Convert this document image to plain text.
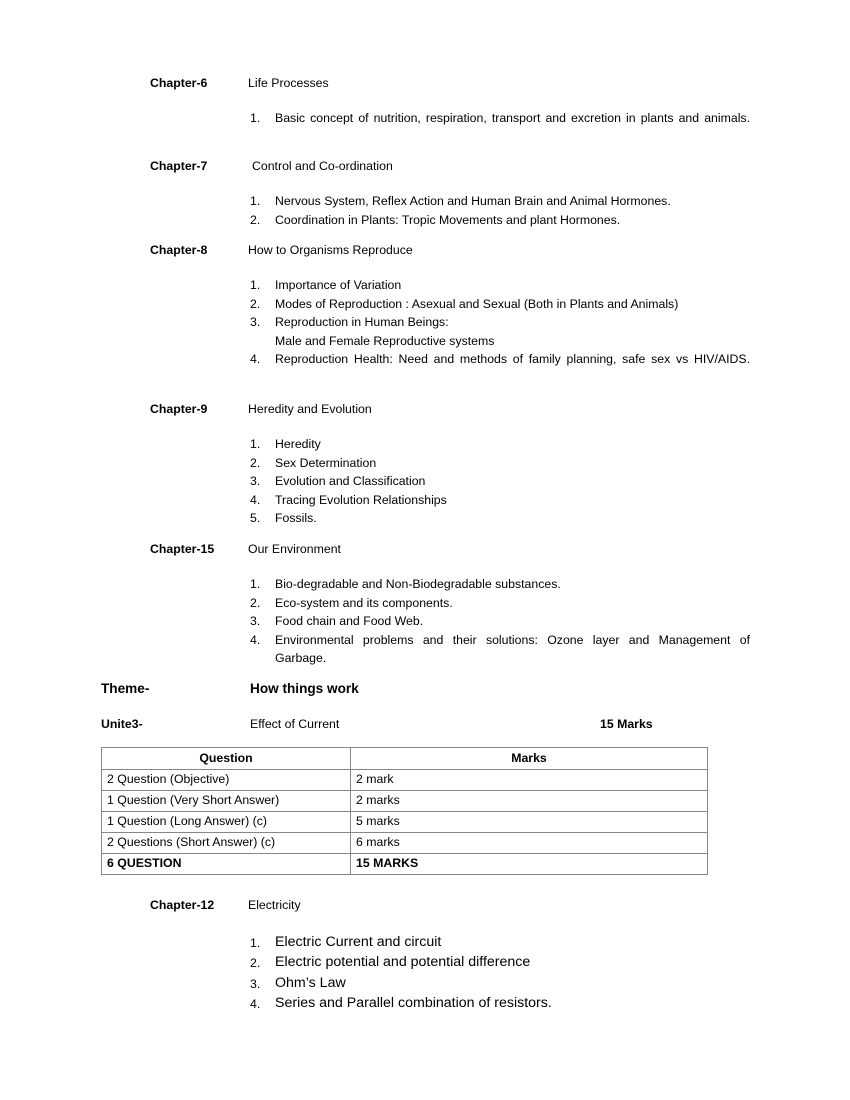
Chapter-6	Life Processes
1. Basic concept of nutrition, respiration, transport and excretion in plants and animals.
Chapter-7	Control and Co-ordination
1. Nervous System, Reflex Action and Human Brain and Animal Hormones.
2. Coordination in Plants: Tropic Movements and plant Hormones.
Chapter-8	How to Organisms Reproduce
1. Importance of Variation
2. Modes of Reproduction : Asexual and Sexual (Both in Plants and Animals)
3. Reproduction in Human Beings:
Male and Female Reproductive systems
4. Reproduction Health: Need and methods of family planning, safe sex vs HIV/AIDS.
Chapter-9	Heredity and Evolution
1. Heredity
2. Sex Determination
3. Evolution and Classification
4. Tracing Evolution Relationships
5. Fossils.
Chapter-15	Our Environment
1. Bio-degradable and Non-Biodegradable substances.
2. Eco-system and its components.
3. Food chain and Food Web.
4. Environmental problems and their solutions: Ozone layer and Management of Garbage.
Theme-	How things work
Unite3-	Effect of Current	15 Marks
Question	Marks
2 Question (Objective)	2 mark
1 Question (Very Short Answer)	2 marks
1 Question (Long Answer) (c)	5 marks
2 Questions (Short Answer) (c)	6 marks
6 QUESTION	15 MARKS
Chapter-12	Electricity
1. Electric Current and circuit
2. Electric potential and potential difference
3. Ohm’s Law
4. Series and Parallel combination of resistors.
